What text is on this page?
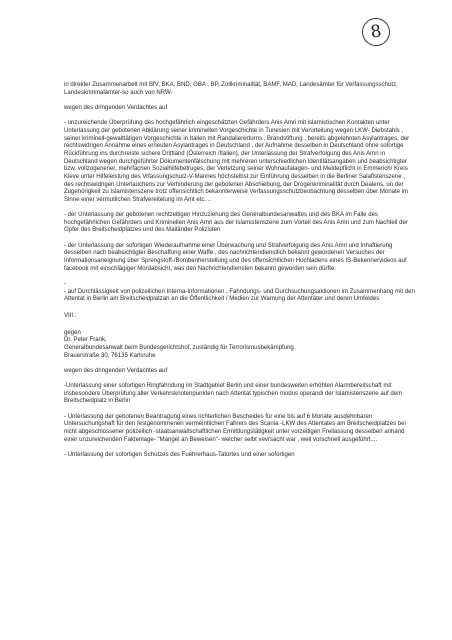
8

in direkter Zusammenarbeit mit BfV, BKA, BND, GBA , BP, Zollkriminalität, BAMF, MAD, Landesämter für Verfassungsschutz, Landeskriminalämter-so auch von NRW-

wegen des dringenden Verdachtes auf

- unzureichende Überprüfung des hochgefährlich eingeschätzten Gefährders Anis Amri mit islamistischen Kontakten unter Unterlassung der gebotenen Abklärung seiner kriminellen Vorgeschichte in Tunesien mit Verurteilung wegen LKW- Diebstahls , seiner kriminell-gewalttätigen Vorgeschichte in Italien mit Randaliererturns , Brandstiftung , bereits abgelehnten Asylantrages, der rechtswidrigen Annahme eines erneuten Asylantrages in Deutschland , der Aufnahme desselben in Deutschland ohne sofortige Rückführung ins durchreiste sichere Drittland (Österreich /Italien), der Unterlassung der Strafverfolgung des Anis Amri in Deutschland wegen durchgeführter Dokumentenfälschung mit mehreren unterschiedlichen Identitätsangaben und beabsichtigter bzw. vollzogenener, mehrfachen Sozialhilfebetruges, der Verletzung seiner Wohnaufalagen- und Meldepflicht in Emmerich/ Kreis Kleve unter Hilfeleistung des Vrfassungschutz-V-Mannes höchstelbst zur Einführung desselben in die Berliner Salafistenszene , des rechtswidrigen Unterlauchens zur Verhinderung der gebotenen Abschiebung, der Drogenkriminalität durch Dealens, un der Zugehörigkeit zu Islamistenszene trotz offensichtlich bekannterweise Verfassungsschutzbeobachtung desselben über Monate im Sinne einer vermutlichen Strafvereitelung im Amt etc. ..

- der Unterlassung der gebotenen rechtzeitigen Hinzuziehung des Generalbundesanwaltes und des BKA im Falle des hochgefährlichen Gefährders und Kriminellen Anis Amri aus der Islamistenszene zum Vorteil des Anis Amri und zum Nachteil der Opfer des Breitscheidplatzes und des Mailänder Polizisten

- der Unterlassung der sofortigen Wiederaufnahme einer Überwachung und Strafverfolgung des Anis Amri und Inhaftierung desselben nach beabsichtigter Beschaffung einer Waffe , des nachrichtendienstlich bekannt gewordenen Versuches der Informationsaneignung über Sprengstoff-/Bombenherstellung und des offensichtlichen Hochladens eines IS-Bekennervideos auf facebook mit einschlägiger Mordabsicht, was den Nachrichtendiensten bekannt geworden sein dürfte.

-

- auf Durchlässigkeit von polizeilichen Interna-Informationen , Fahndungs- und Durchsuchungsaktionen im Zusammenhang mit den Attentat in Berlin am Breitscheidplatzan an die Öffentlichkeit / Medien zur Warnung der Attentäter und deren Umfeldes

VIII.:

gegen

Dr. Peter Frank,

Generalbundesanwalt beim Bundesgerichtshof, zuständig für Terrorismusbekämpfung

Brauerstraße 30, 76135 Karlsruhe

wegen des dringenden Verdachtes auf

-Unterlassung einer sofortigen Ringfahndung im Stadtgebiet Berlin und einer bundesweiten erhöhten Alarmbereitschaft mit insbesondere Überprüfung aller Verkehrsknotenpunkten nach Attentat typischen modus operandi der Islamistenszene auf dem Breitscheidplatz in Berlin

- Unterlassung der gebotenen Beantragung eines richterlichen Bescheides für eine bis auf 6 Monate ausdehnbaren Untersuchungshaft für den festgenommenen vermeintlichen Fahrers des Scania -LKW des Attentates am Breitscheidplatzes bei nicht abgeschlossener polizeilich -staatsanwaltschaftlichen Ermittlungstätigkeit unter vorzeitigen Freilassung desselben anhand einer unzureichenden Faktenlage- "Mangel an Beweisen"- welcher selbt vevrsacht war , weil vorschnell ausgeführt....

- Unterlassung der sofortigen Schutzes des Fuehrerhaus-Tatortes und einer sofortigen
